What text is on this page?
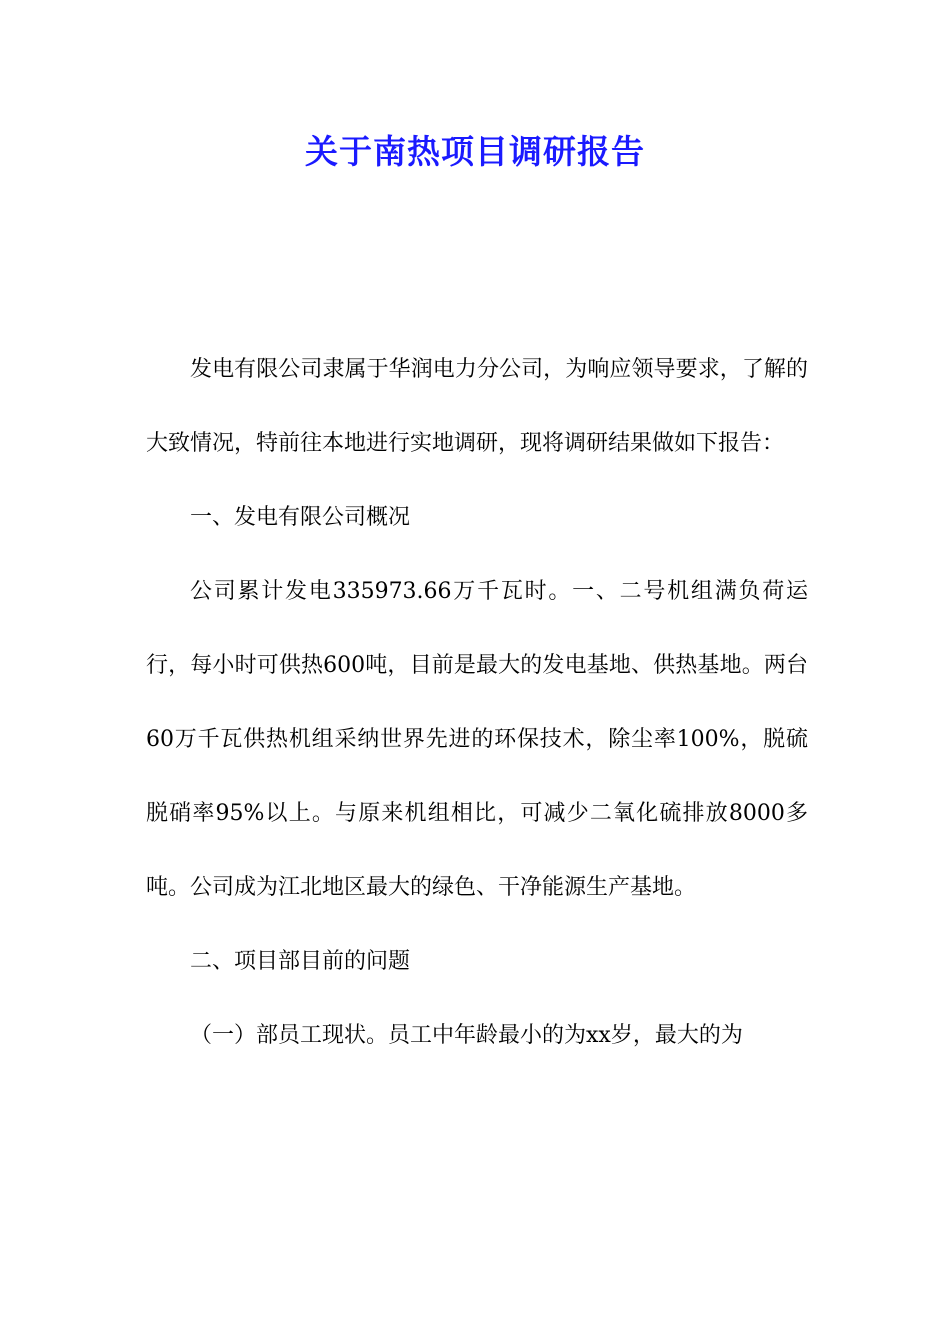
关于南热项目调研报告

发电有限公司隶属于华润电力分公司，为响应领导要求，了解的大致情况，特前往本地进行实地调研，现将调研结果做如下报告：

一、发电有限公司概况

公司累计发电335973.66万千瓦时。一、二号机组满负荷运行，每小时可供热600吨，目前是最大的发电基地、供热基地。两台60万千瓦供热机组采纳世界先进的环保技术，除尘率100%，脱硫脱硝率95%以上。与原来机组相比，可减少二氧化硫排放8000多吨。公司成为江北地区最大的绿色、干净能源生产基地。

二、项目部目前的问题

（一）部员工现状。员工中年龄最小的为xx岁，最大的为
